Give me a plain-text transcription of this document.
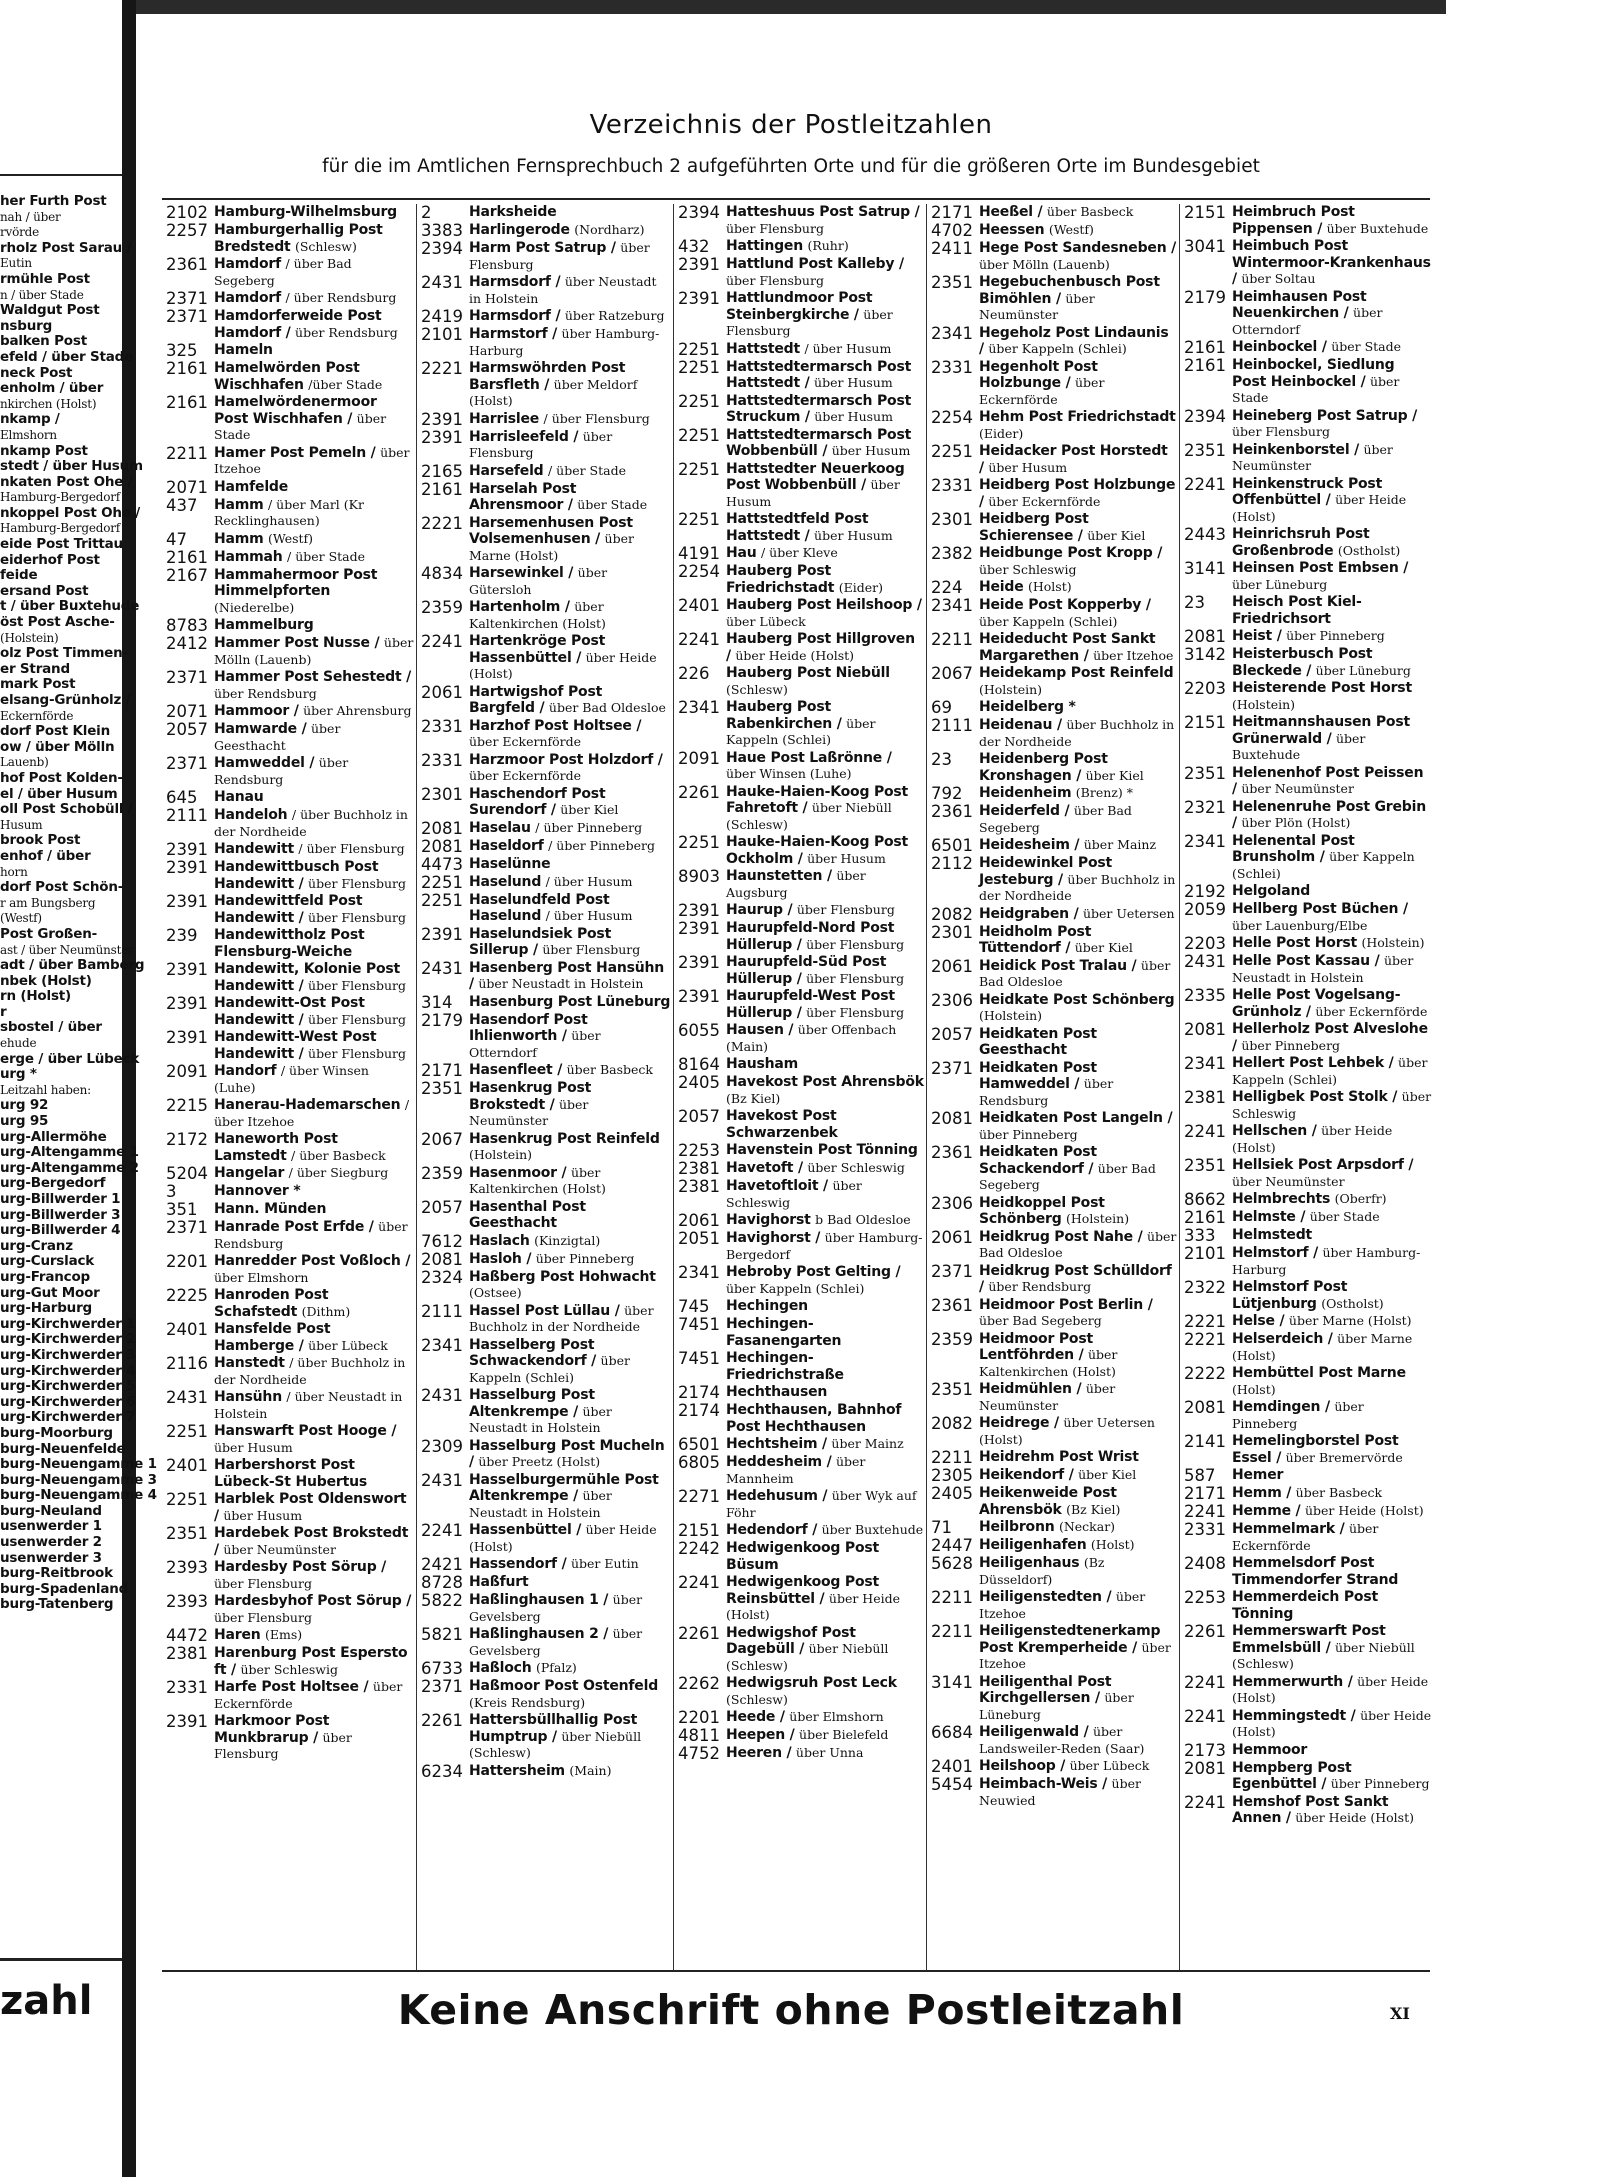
her Furth Post
nah / über
rvörde
rholz Post Sarau /
Eutin
rmühle Post
n / über Stade
Waldgut Post
nsburg
balken Post
efeld / über Stade
neck Post
enholm / über
nkirchen (Holst)
nkamp /
Elmshorn
nkamp Post
stedt / über Husum
nkaten Post Ohe /
Hamburg-Bergedorf
nkoppel Post Ohe /
Hamburg-Bergedorf
eide Post Trittau
eiderhof Post
feide
ersand Post
t / über Buxtehude
öst Post Asche-
(Holstein)
olz Post Timmen-
er Strand
mark Post
elsang-Grünholz /
Eckernförde
dorf Post Klein
ow / über Mölln
Lauenb)
hof Post Kolden-
el / über Husum
oll Post Schobüll /
Husum
brook Post
enhof / über
horn
dorf Post Schön-
r am Bungsberg
(Westf)
Post Großen-
ast / über Neumünster
adt / über Bamberg
nbek (Holst)
rn (Holst)
r
sbostel / über
ehude
erge / über Lübeck
urg *
Leitzahl haben:
urg 92
urg 95
urg-Allermöhe
urg-Altengamme 1
urg-Altengamme 2
urg-Bergedorf
urg-Billwerder 1
urg-Billwerder 3
urg-Billwerder 4
urg-Cranz
urg-Curslack
urg-Francop
urg-Gut Moor
urg-Harburg
urg-Kirchwerder 1
urg-Kirchwerder 2
urg-Kirchwerder 3
urg-Kirchwerder 4
urg-Kirchwerder 5
urg-Kirchwerder 6
urg-Kirchwerder 7
burg-Moorburg
burg-Neuenfelde
burg-Neuengamme 1
burg-Neuengamme 3
burg-Neuengamme 4
burg-Neuland
usenwerder 1
usenwerder 2
usenwerder 3
burg-Reitbrook
burg-Spadenland
burg-Tatenberg
zahl
Verzeichnis der Postleitzahlen
für die im Amtlichen Fernsprechbuch 2 aufgeführten Orte und für die größeren Orte im Bundesgebiet
2102 Hamburg-Wilhelmsburg
2257 Hamburgerhallig Post Bredstedt (Schlesw)
2361 Hamdorf / über Bad Segeberg
2371 Hamdorf / über Rendsburg
2371 Hamdorferweide Post Hamdorf / über Rendsburg
325	Hameln
2161 Hamelwörden Post Wischhafen /über Stade
2161 Hamelwördenermoor Post Wischhafen / über Stade
2211 Hamer Post Pemeln / über Itzehoe
2071 Hamfelde
437	Hamm / über Marl (Kr Recklinghausen)
47	Hamm (Westf)
2161 Hammah / über Stade
2167 Hammahermoor Post Himmelpforten (Niederelbe)
8783 Hammelburg
2412 Hammer Post Nusse / über Mölln (Lauenb)
2371 Hammer Post Sehestedt / über Rendsburg
2071 Hammoor / über Ahrensburg
2057 Hamwarde / über Geesthacht
2371 Hamweddel / über Rendsburg
645	Hanau
2111 Handeloh / über Buchholz in der Nordheide
2391 Handewitt / über Flensburg
2391 Handewittbusch Post Handewitt / über Flensburg
2391 Handewittfeld Post Handewitt / über Flensburg
239	Handewittholz Post Flensburg-Weiche
2391 Handewitt, Kolonie Post Handewitt / über Flensburg
2391 Handewitt-Ost Post Handewitt / über Flensburg
2391 Handewitt-West Post Handewitt / über Flensburg
2091 Handorf / über Winsen (Luhe)
2215 Hanerau-Hademarschen / über Itzehoe
2172 Haneworth Post Lamstedt / über Basbeck
5204 Hangelar / über Siegburg
3	Hannover *
351	Hann. Münden
2371 Hanrade Post Erfde / über Rendsburg
2201 Hanredder Post Voßloch / über Elmshorn
2225 Hanroden Post Schafstedt (Dithm)
2401 Hansfelde Post Hamberge / über Lübeck
2116 Hanstedt / über Buchholz in der Nordheide
2431 Hansühn / über Neustadt in Holstein
2251 Hanswarft Post Hooge / über Husum
2401 Harbershorst Post Lübeck-St Hubertus
2251 Harblek Post Oldenswort / über Husum
2351 Hardebek Post Brokstedt / über Neumünster
2393 Hardesby Post Sörup / über Flensburg
2393 Hardesbyhof Post Sörup / über Flensburg
4472 Haren (Ems)
2381 Harenburg Post Espersto ft / über Schleswig
2331 Harfe Post Holtsee / über Eckernförde
2391 Harkmoor Post Munkbrarup / über Flensburg
2	Harksheide
3383 Harlingerode (Nordharz)
2394 Harm Post Satrup / über Flensburg
2431 Harmsdorf / über Neustadt in Holstein
2419 Harmsdorf / über Ratzeburg
2101 Harmstorf / über Hamburg-Harburg
2221 Harmswöhrden Post Barsfleth / über Meldorf (Holst)
2391 Harrislee / über Flensburg
2391 Harrisleefeld / über Flensburg
2165 Harsefeld / über Stade
2161 Harselah Post Ahrensmoor / über Stade
2221 Harsemenhusen Post Volsemenhusen / über Marne (Holst)
4834 Harsewinkel / über Gütersloh
2359 Hartenholm / über Kaltenkirchen (Holst)
2241 Hartenkröge Post Hassenbüttel / über Heide (Holst)
2061 Hartwigshof Post Bargfeld / über Bad Oldesloe
2331 Harzhof Post Holtsee / über Eckernförde
2331 Harzmoor Post Holzdorf / über Eckernförde
2301 Haschendorf Post Surendorf / über Kiel
2081 Haselau / über Pinneberg
2081 Haseldorf / über Pinneberg
4473 Haselünne
2251 Haselund / über Husum
2251 Haselundfeld Post Haselund / über Husum
2391 Haselundsiek Post Sillerup / über Flensburg
2431 Hasenberg Post Hansühn / über Neustadt in Holstein
314	Hasenburg Post Lüneburg
2179 Hasendorf Post Ihlienworth / über Otterndorf
2171 Hasenfleet / über Basbeck
2351 Hasenkrug Post Brokstedt / über Neumünster
2067 Hasenkrug Post Reinfeld (Holstein)
2359 Hasenmoor / über Kaltenkirchen (Holst)
2057 Hasenthal Post Geesthacht
7612 Haslach (Kinzigtal)
2081 Hasloh / über Pinneberg
2324 Haßberg Post Hohwacht (Ostsee)
2111 Hassel Post Lüllau / über Buchholz in der Nordheide
2341 Hasselberg Post Schwackendorf / über Kappeln (Schlei)
2431 Hasselburg Post Altenkrempe / über Neustadt in Holstein
2309 Hasselburg Post Mucheln / über Preetz (Holst)
2431 Hasselburgermühle Post Altenkrempe / über Neustadt in Holstein
2241 Hassenbüttel / über Heide (Holst)
2421 Hassendorf / über Eutin
8728 Haßfurt
5822 Haßlinghausen 1 / über Gevelsberg
5821 Haßlinghausen 2 / über Gevelsberg
6733 Haßloch (Pfalz)
2371 Haßmoor Post Ostenfeld (Kreis Rendsburg)
2261 Hattersbüllhallig Post Humptrup / über Niebüll (Schlesw)
6234 Hattersheim (Main)
2394 Hatteshuus Post Satrup / über Flensburg
432	Hattingen (Ruhr)
2391 Hattlund Post Kalleby / über Flensburg
2391 Hattlundmoor Post Steinbergkirche / über Flensburg
2251 Hattstedt / über Husum
2251 Hattstedtermarsch Post Hattstedt / über Husum
2251 Hattstedtermarsch Post Struckum / über Husum
2251 Hattstedtermarsch Post Wobbenbüll / über Husum
2251 Hattstedter Neuerkoog Post Wobbenbüll / über Husum
2251 Hattstedtfeld Post Hattstedt / über Husum
4191 Hau / über Kleve
2254 Hauberg Post Friedrichstadt (Eider)
2401 Hauberg Post Heilshoop / über Lübeck
2241 Hauberg Post Hillgroven / über Heide (Holst)
226	Hauberg Post Niebüll (Schlesw)
2341 Hauberg Post Rabenkirchen / über Kappeln (Schlei)
2091 Haue Post Laßrönne / über Winsen (Luhe)
2261 Hauke-Haien-Koog Post Fahretoft / über Niebüll (Schlesw)
2251 Hauke-Haien-Koog Post Ockholm / über Husum
8903 Haunstetten / über Augsburg
2391 Haurup / über Flensburg
2391 Haurupfeld-Nord Post Hüllerup / über Flensburg
2391 Haurupfeld-Süd Post Hüllerup / über Flensburg
2391 Haurupfeld-West Post Hüllerup / über Flensburg
6055 Hausen / über Offenbach (Main)
8164 Hausham
2405 Havekost Post Ahrensbök (Bz Kiel)
2057 Havekost Post Schwarzenbek
2253 Havenstein Post Tönning
2381 Havetoft / über Schleswig
2381 Havetoftloit / über Schleswig
2061 Havighorst b Bad Oldesloe
2051 Havighorst / über Hamburg-Bergedorf
2341 Hebroby Post Gelting / über Kappeln (Schlei)
745	Hechingen
7451 Hechingen-Fasanengarten
7451 Hechingen-Friedrichstraße
2174 Hechthausen
2174 Hechthausen, Bahnhof Post Hechthausen
6501 Hechtsheim / über Mainz
6805 Heddesheim / über Mannheim
2271 Hedehusum / über Wyk auf Föhr
2151 Hedendorf / über Buxtehude
2242 Hedwigenkoog Post Büsum
2241 Hedwigenkoog Post Reinsbüttel / über Heide (Holst)
2261 Hedwigshof Post Dagebüll / über Niebüll (Schlesw)
2262 Hedwigsruh Post Leck (Schlesw)
2201 Heede / über Elmshorn
4811 Heepen / über Bielefeld
4752 Heeren / über Unna
2171 Heeßel / über Basbeck
4702 Heessen (Westf)
2411 Hege Post Sandesneben / über Mölln (Lauenb)
2351 Hegebuchenbusch Post Bimöhlen / über Neumünster
2341 Hegeholz Post Lindaunis / über Kappeln (Schlei)
2331 Hegenholt Post Holzbunge / über Eckernförde
2254 Hehm Post Friedrichstadt (Eider)
2251 Heidacker Post Horstedt / über Husum
2331 Heidberg Post Holzbunge / über Eckernförde
2301 Heidberg Post Schierensee / über Kiel
2382 Heidbunge Post Kropp / über Schleswig
224	Heide (Holst)
2341 Heide Post Kopperby / über Kappeln (Schlei)
2211 Heideducht Post Sankt Margarethen / über Itzehoe
2067 Heidekamp Post Reinfeld (Holstein)
69	Heidelberg *
2111 Heidenau / über Buchholz in der Nordheide
23	Heidenberg Post Kronshagen / über Kiel
792	Heidenheim (Brenz) *
2361 Heiderfeld / über Bad Segeberg
6501 Heidesheim / über Mainz
2112 Heidewinkel Post Jesteburg / über Buchholz in der Nordheide
2082 Heidgraben / über Uetersen
2301 Heidholm Post Tüttendorf / über Kiel
2061 Heidick Post Tralau / über Bad Oldesloe
2306 Heidkate Post Schönberg (Holstein)
2057 Heidkaten Post Geesthacht
2371 Heidkaten Post Hamweddel / über Rendsburg
2081 Heidkaten Post Langeln / über Pinneberg
2361 Heidkaten Post Schackendorf / über Bad Segeberg
2306 Heidkoppel Post Schönberg (Holstein)
2061 Heidkrug Post Nahe / über Bad Oldesloe
2371 Heidkrug Post Schülldorf / über Rendsburg
2361 Heidmoor Post Berlin / über Bad Segeberg
2359 Heidmoor Post Lentföhrden / über Kaltenkirchen (Holst)
2351 Heidmühlen / über Neumünster
2082 Heidrege / über Uetersen (Holst)
2211 Heidrehm Post Wrist
2305 Heikendorf / über Kiel
2405 Heikenweide Post Ahrensbök (Bz Kiel)
71	Heilbronn (Neckar)
2447 Heiligenhafen (Holst)
5628 Heiligenhaus (Bz Düsseldorf)
2211 Heiligenstedten / über Itzehoe
2211 Heiligenstedtenerkamp Post Kremperheide / über Itzehoe
3141 Heiligenthal Post Kirchgellersen / über Lüneburg
6684 Heiligenwald / über Landsweiler-Reden (Saar)
2401 Heilshoop / über Lübeck
5454 Heimbach-Weis / über Neuwied
2151 Heimbruch Post Pippensen / über Buxtehude
3041 Heimbuch Post Wintermoor-Krankenhaus / über Soltau
2179 Heimhausen Post Neuenkirchen / über Otterndorf
2161 Heinbockel / über Stade
2161 Heinbockel, Siedlung Post Heinbockel / über Stade
2394 Heineberg Post Satrup / über Flensburg
2351 Heinkenborstel / über Neumünster
2241 Heinkenstruck Post Offenbüttel / über Heide (Holst)
2443 Heinrichsruh Post Großenbrode (Ostholst)
3141 Heinsen Post Embsen / über Lüneburg
23	Heisch Post Kiel-Friedrichsort
2081 Heist / über Pinneberg
3142 Heisterbusch Post Bleckede / über Lüneburg
2203 Heisterende Post Horst (Holstein)
2151 Heitmannshausen Post Grünerwald / über Buxtehude
2351 Helenenhof Post Peissen / über Neumünster
2321 Helenenruhe Post Grebin / über Plön (Holst)
2341 Helenental Post Brunsholm / über Kappeln (Schlei)
2192 Helgoland
2059 Hellberg Post Büchen / über Lauenburg/Elbe
2203 Helle Post Horst (Holstein)
2431 Helle Post Kassau / über Neustadt in Holstein
2335 Helle Post Vogelsang-Grünholz / über Eckernförde
2081 Hellerholz Post Alveslohe / über Pinneberg
2341 Hellert Post Lehbek / über Kappeln (Schlei)
2381 Helligbek Post Stolk / über Schleswig
2241 Hellschen / über Heide (Holst)
2351 Hellsiek Post Arpsdorf / über Neumünster
8662 Helmbrechts (Oberfr)
2161 Helmste / über Stade
333	Helmstedt
2101 Helmstorf / über Hamburg-Harburg
2322 Helmstorf Post Lütjenburg (Ostholst)
2221 Helse / über Marne (Holst)
2221 Helserdeich / über Marne (Holst)
2222 Hembüttel Post Marne (Holst)
2081 Hemdingen / über Pinneberg
2141 Hemelingborstel Post Essel / über Bremervörde
587	Hemer
2171 Hemm / über Basbeck
2241 Hemme / über Heide (Holst)
2331 Hemmelmark / über Eckernförde
2408 Hemmelsdorf Post Timmendorfer Strand
2253 Hemmerdeich Post Tönning
2261 Hemmerswarft Post Emmelsbüll / über Niebüll (Schlesw)
2241 Hemmerwurth / über Heide (Holst)
2241 Hemmingstedt / über Heide (Holst)
2173 Hemmoor
2081 Hempberg Post Egenbüttel / über Pinneberg
2241 Hemshof Post Sankt Annen / über Heide (Holst)
Keine Anschrift ohne Postleitzahl	XI
